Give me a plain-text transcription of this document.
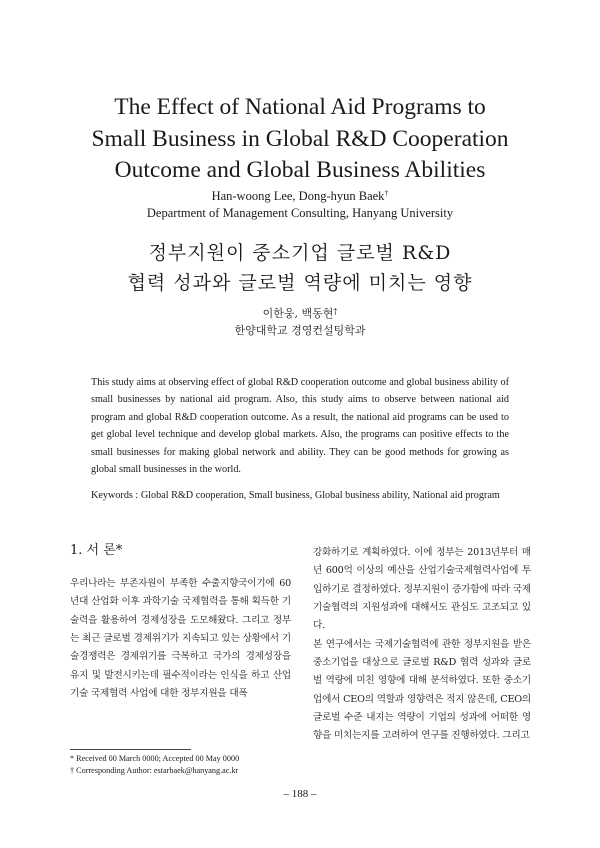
The Effect of National Aid Programs to
Small Business in Global R&D Cooperation
Outcome and Global Business Abilities
Han-woong Lee, Dong-hyun Baek†
Department of Management Consulting, Hanyang University
정부지원이 중소기업 글로벌 R&D
협력 성과와 글로벌 역량에 미치는 영향
이한웅, 백동현†
한양대학교 경영컨설팅학과

This study aims at observing effect of global R&D cooperation outcome and global business ability of small businesses by national aid program. Also, this study aims to observe between national aid program and global R&D cooperation outcome. As a result, the national aid programs can be used to get global level technique and develop global markets. Also, the programs can positive effects to the small businesses for making global network and ability. They can be good methods for growing as global small businesses in the world.

Keywords : Global R&D cooperation, Small business, Global business ability, National aid program

1. 서 론*

우리나라는 부존자원이 부족한 수출지향국이기에 60년대 산업화 이후 과학기술 국제협력을 통해 획득한 기술력을 활용하여 경제성장을 도모해왔다. 그리고 정부는 최근 글로벌 경제위기가 지속되고 있는 상황에서 기술경쟁력은 경제위기를 극복하고 국가의 경제성장을 유지 및 발전시키는데 필수적이라는 인식을 하고 산업기술 국제협력 사업에 대한 정부지원을 대폭

강화하기로 계획하였다. 이에 정부는 2013년부터 매년 600억 이상의 예산을 산업기술국제협력사업에 투입하기로 결정하였다. 정부지원이 증가함에 따라 국제기술협력의 지원성과에 대해서도 관심도 고조되고 있다.

본 연구에서는 국제기술협력에 관한 정부지원을 받은 중소기업을 대상으로 글로벌 R&D 협력 성과와 글로벌 역량에 미친 영향에 대해 분석하였다. 또한 중소기업에서 CEO의 역할과 영향력은 적지 않은데, CEO의 글로벌 수준 내지는 역량이 기업의 성과에 어떠한 영향을 미치는지를 고려하여 연구를 진행하였다. 그리고

* Received 00 March 0000; Accepted 00 May 0000
† Corresponding Author: estarbaek@hanyang.ac.kr
– 188 –
